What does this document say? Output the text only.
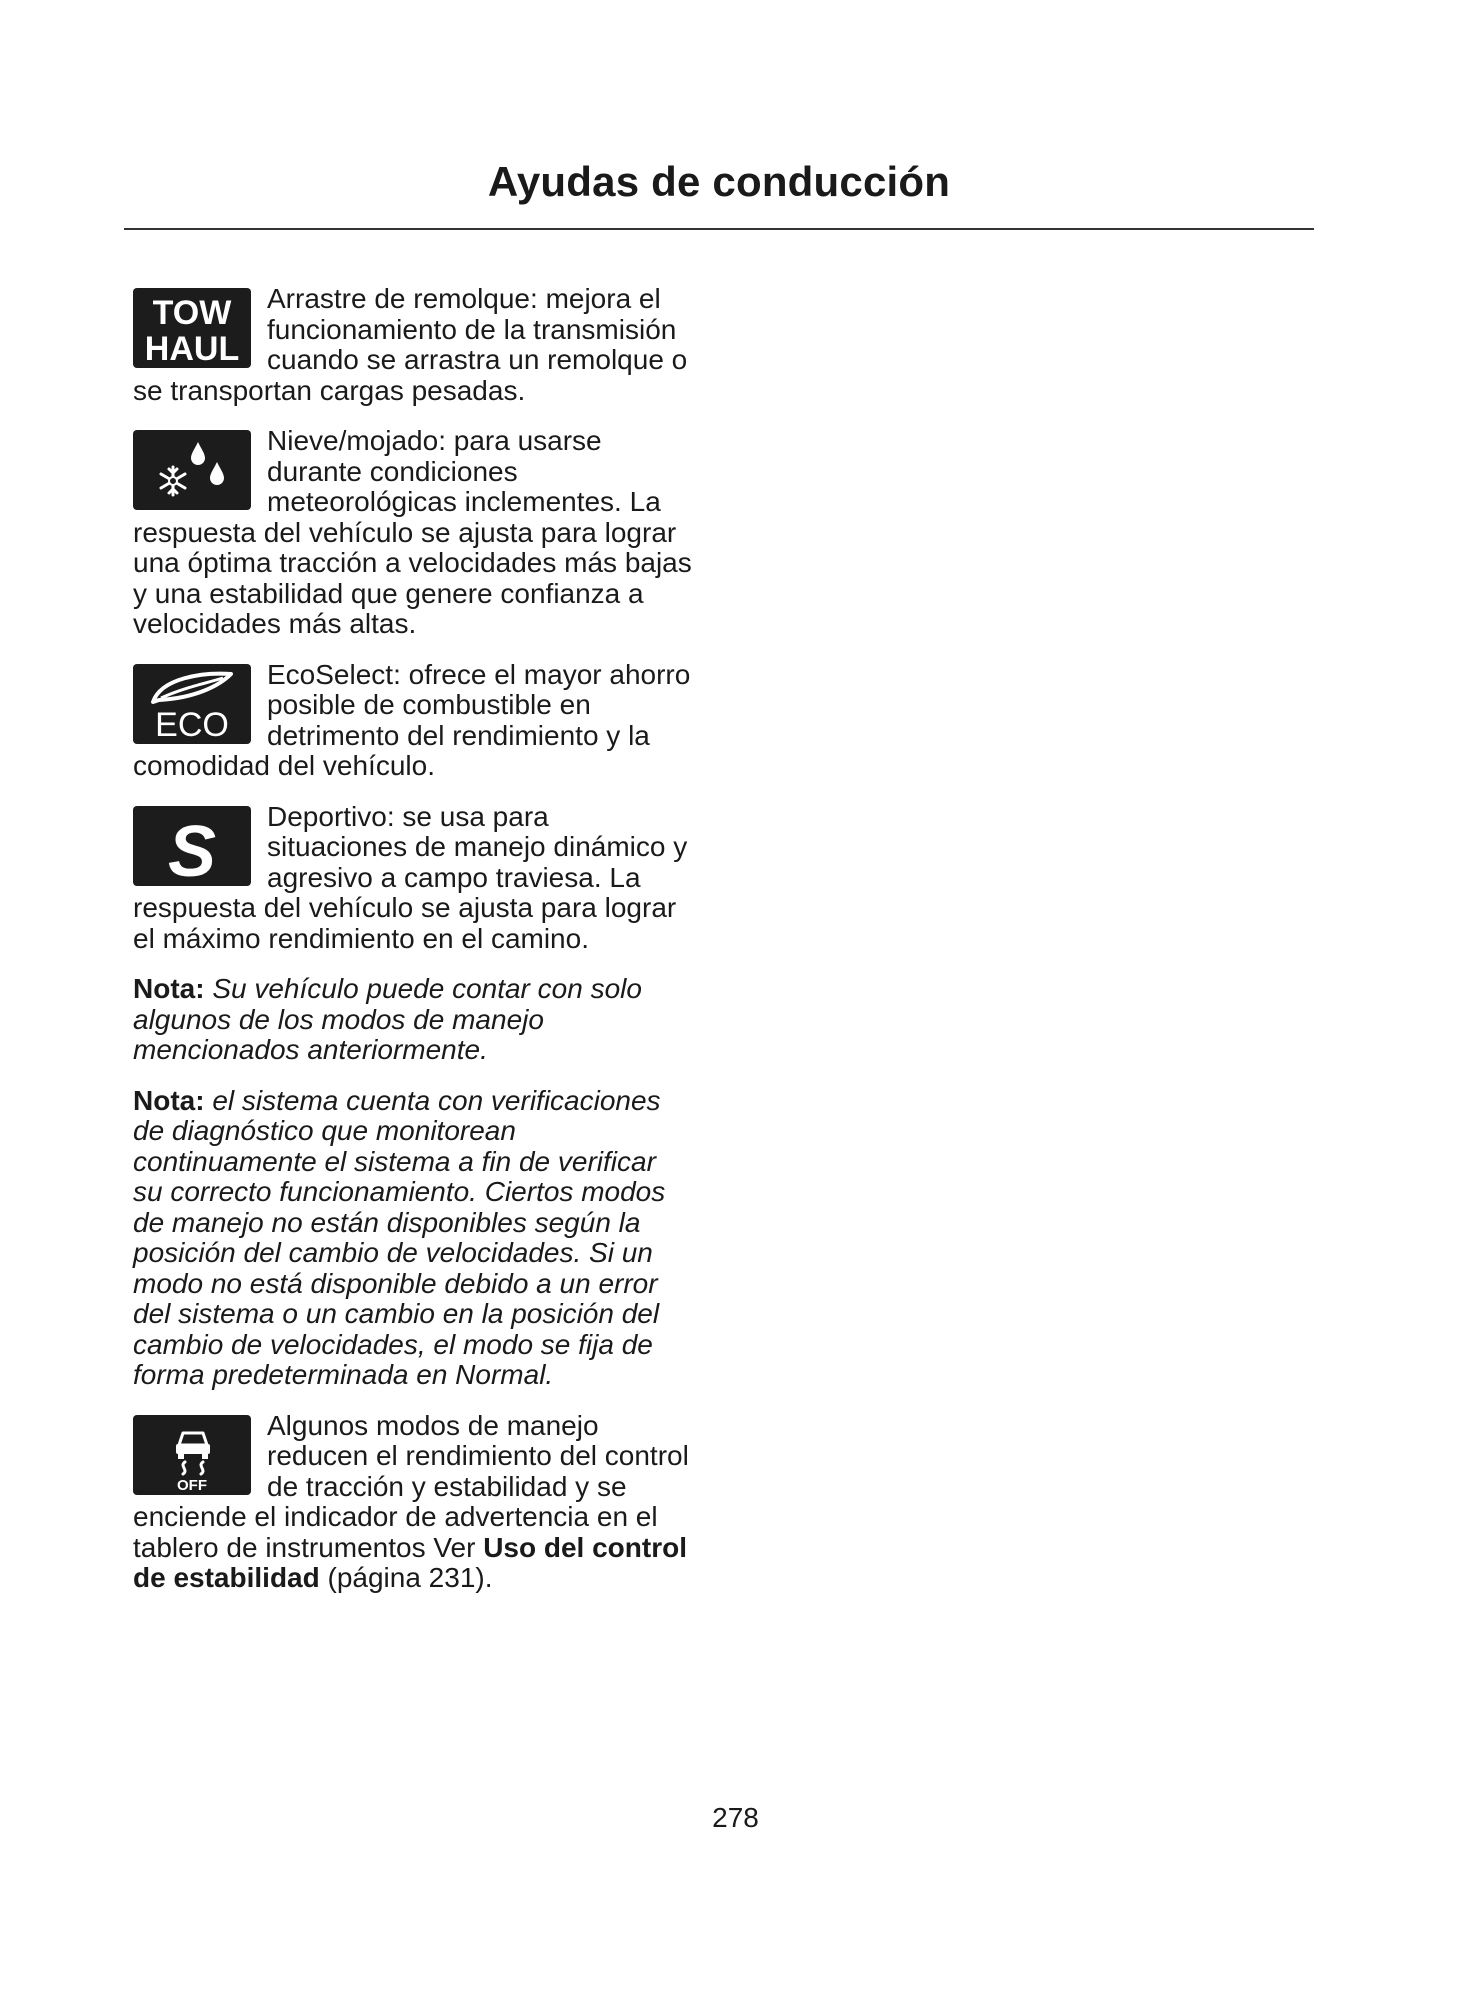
Ayudas de conducción
TOW
HAUL
Arrastre de remolque: mejora el funcionamiento de la transmisión cuando se arrastra un remolque o se transportan cargas pesadas.
Nieve/mojado: para usarse durante condiciones meteorológicas inclementes. La respuesta del vehículo se ajusta para lograr una óptima tracción a velocidades más bajas y una estabilidad que genere confianza a velocidades más altas.
ECO
EcoSelect: ofrece el mayor ahorro posible de combustible en detrimento del rendimiento y la comodidad del vehículo.
S Deportivo: se usa para situaciones de manejo dinámico y agresivo a campo traviesa. La respuesta del vehículo se ajusta para lograr el máximo rendimiento en el camino.
Nota: Su vehículo puede contar con solo algunos de los modos de manejo mencionados anteriormente.
Nota: el sistema cuenta con verificaciones de diagnóstico que monitorean continuamente el sistema a fin de verificar su correcto funcionamiento. Ciertos modos de manejo no están disponibles según la posición del cambio de velocidades. Si un modo no está disponible debido a un error del sistema o un cambio en la posición del cambio de velocidades, el modo se fija de forma predeterminada en Normal.
OFF
Algunos modos de manejo reducen el rendimiento del control de tracción y estabilidad y se enciende el indicador de advertencia en el tablero de instrumentos Ver Uso del control de estabilidad (página 231).
278
